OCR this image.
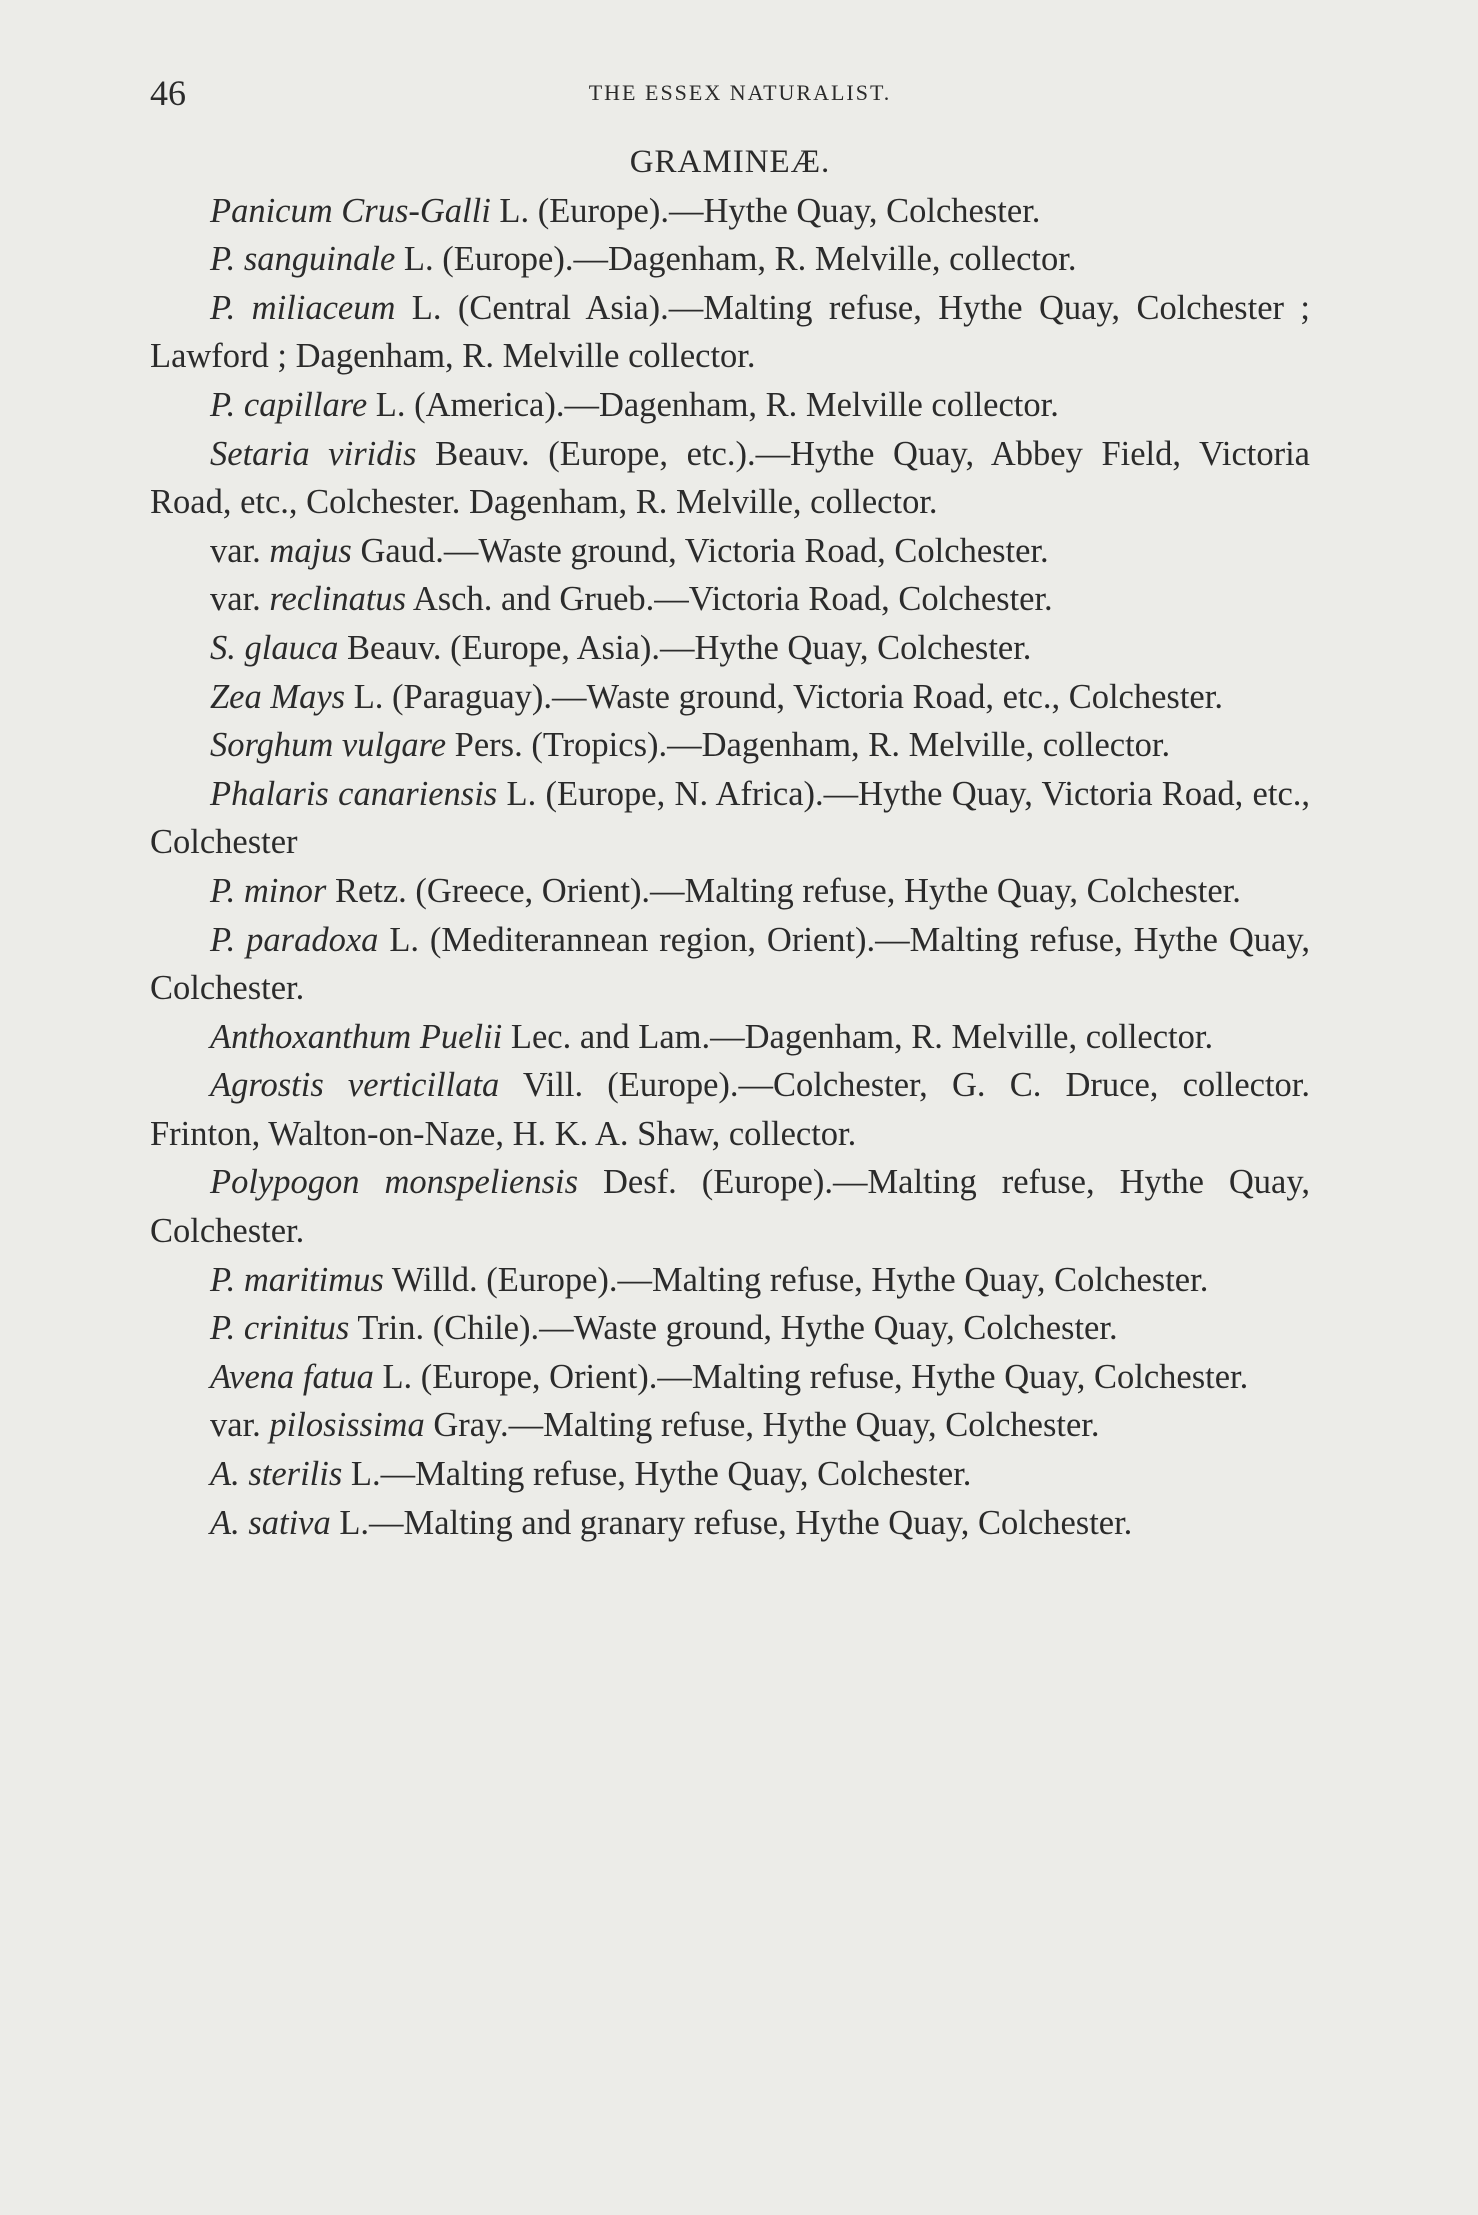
46	THE ESSEX NATURALIST.
GRAMINEÆ.

Panicum Crus-Galli L. (Europe).—Hythe Quay, Colchester.

P. sanguinale L. (Europe).—Dagenham, R. Melville, collector.

P. miliaceum L. (Central Asia).—Malting refuse, Hythe Quay, Colchester ; Lawford ; Dagenham, R. Melville collector.

P. capillare L. (America).—Dagenham, R. Melville collector.

Setaria viridis Beauv. (Europe, etc.).—Hythe Quay, Abbey Field, Victoria Road, etc., Colchester. Dagenham, R. Melville, collector.

var. majus Gaud.—Waste ground, Victoria Road, Colchester.

var. reclinatus Asch. and Grueb.—Victoria Road, Colchester.

S. glauca Beauv. (Europe, Asia).—Hythe Quay, Colchester.

Zea Mays L. (Paraguay).—Waste ground, Victoria Road, etc., Colchester.

Sorghum vulgare Pers. (Tropics).—Dagenham, R. Melville, collector.

Phalaris canariensis L. (Europe, N. Africa).—Hythe Quay, Victoria Road, etc., Colchester

P. minor Retz. (Greece, Orient).—Malting refuse, Hythe Quay, Colchester.

P. paradoxa L. (Mediterannean region, Orient).—Malting refuse, Hythe Quay, Colchester.

Anthoxanthum Puelii Lec. and Lam.—Dagenham, R. Melville, collector.

Agrostis verticillata Vill. (Europe).—Colchester, G. C. Druce, collector. Frinton, Walton-on-Naze, H. K. A. Shaw, collector.

Polypogon monspeliensis Desf. (Europe).—Malting refuse, Hythe Quay, Colchester.

P. maritimus Willd. (Europe).—Malting refuse, Hythe Quay, Colchester.

P. crinitus Trin. (Chile).—Waste ground, Hythe Quay, Colchester.

Avena fatua L. (Europe, Orient).—Malting refuse, Hythe Quay, Colchester.

var. pilosissima Gray.—Malting refuse, Hythe Quay, Colchester.

A. sterilis L.—Malting refuse, Hythe Quay, Colchester.

A. sativa L.—Malting and granary refuse, Hythe Quay, Colchester.
